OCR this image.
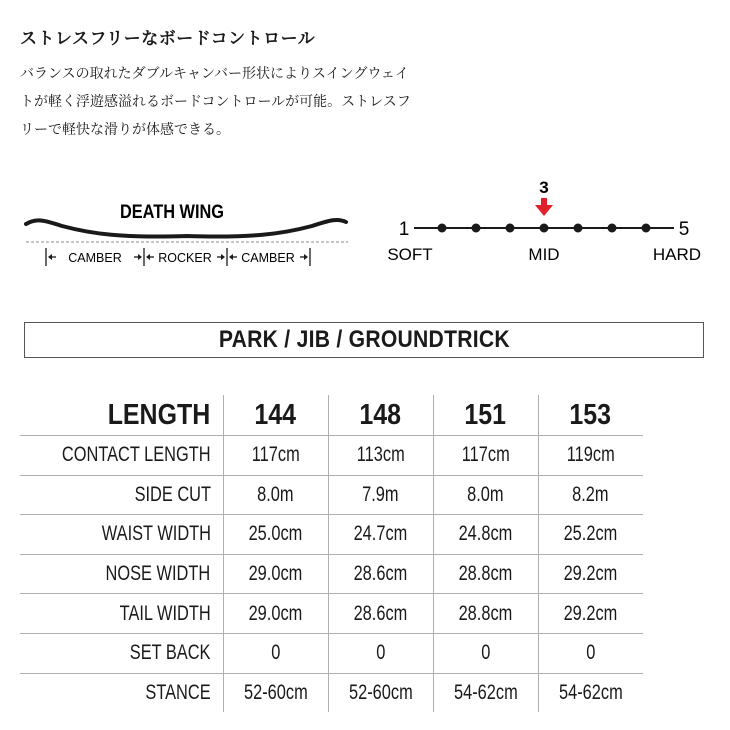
ストレスフリーなボードコントロール
バランスの取れたダブルキャンバー形状によりスイングウェイ
トが軽く浮遊感溢れるボードコントロールが可能。ストレスフ
リーで軽快な滑りが体感できる。
DEATH WING
CAMBER	ROCKER CAMBER
3
1	5
SOFT	MID	HARD
PARK / JIB / GROUNDTRICK
LENGTH	144	148	151	153
CONTACT LENGTH	117cm	113cm	117cm	119cm
SIDE CUT	8.0m	7.9m	8.0m	8.2m
WAIST WIDTH	25.0cm	24.7cm	24.8cm	25.2cm
NOSE WIDTH	29.0cm	28.6cm	28.8cm	29.2cm
TAIL WIDTH	29.0cm	28.6cm	28.8cm	29.2cm
SET BACK	0	0	0	0
STANCE	52-60cm	52-60cm	54-62cm	54-62cm
